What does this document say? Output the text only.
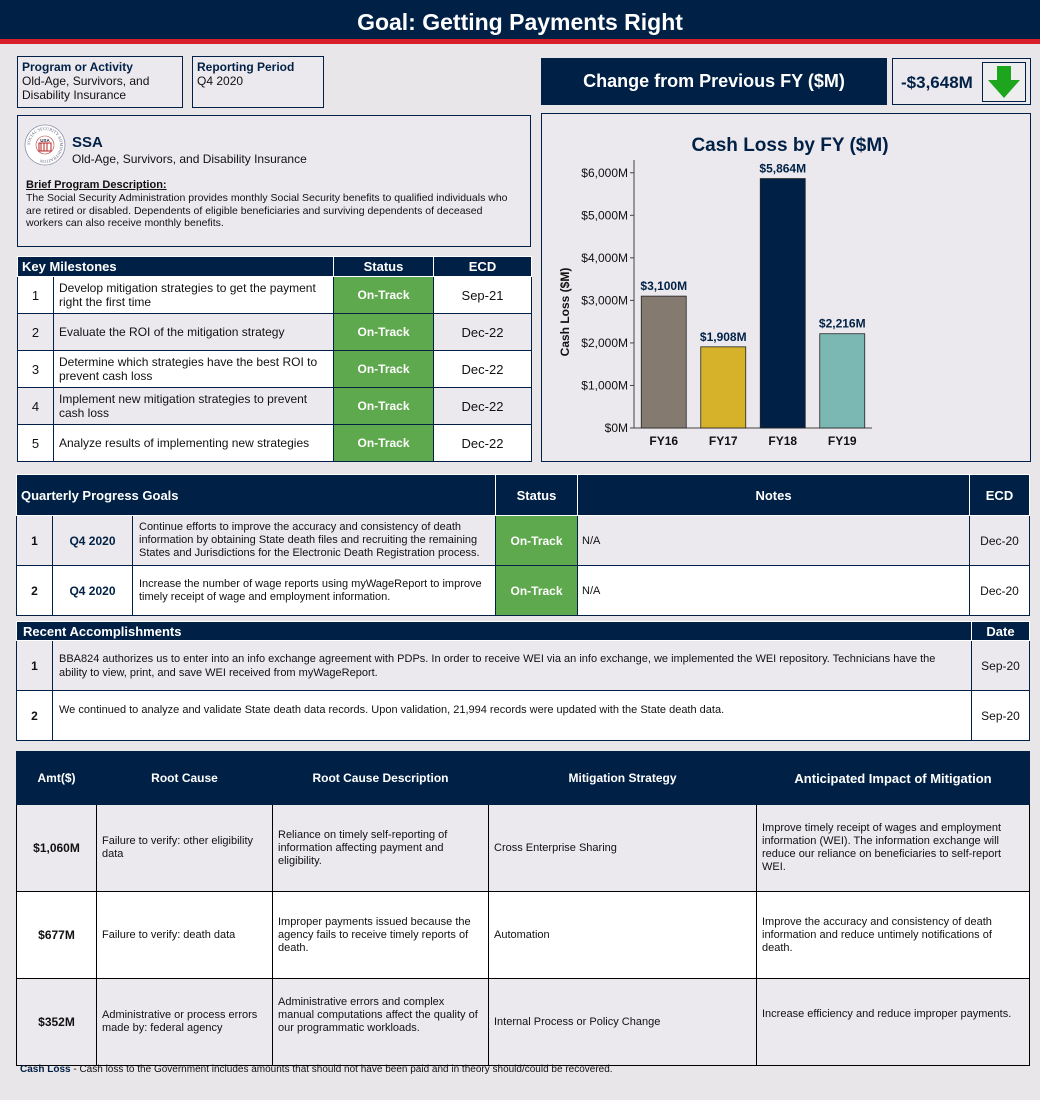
Goal: Getting Payments Right
Program or Activity
Old-Age, Survivors, and Disability Insurance
Reporting Period
Q4 2020	Change from Previous FY ($M)	-$3,648M
SOCIAL SECURITY ADMINISTRATION
USA SSA
Old-Age, Survivors, and Disability Insurance
Brief Program Description:
The Social Security Administration provides monthly Social Security benefits to qualified individuals who are retired or disabled. Dependents of eligible beneficiaries and surviving dependents of deceased workers can also receive monthly benefits.
Key Milestones		Status	ECD
1	Develop mitigation strategies to get the payment right the first time	On-Track	Sep-21
2	Evaluate the ROI of the mitigation strategy	On-Track	Dec-22
3	Determine which strategies have the best ROI to prevent cash loss	On-Track	Dec-22
4	Implement new mitigation strategies to prevent cash loss	On-Track	Dec-22
5	Analyze results of implementing new strategies	On-Track	Dec-22
Cash Loss by FY ($M)
Cash Loss ($M)
$0M
$1,000M
$2,000M
$3,000M
$4,000M
$5,000M
$6,000M
$3,100M
FY16
$1,908M
FY17
$5,864M
FY18
$2,216M
FY19
Quarterly Progress Goals			Status	Notes	ECD
1	Q4 2020	Continue efforts to improve the accuracy and consistency of death information by obtaining State death files and recruiting the remaining States and Jurisdictions for the Electronic Death Registration process.	On-Track	N/A	Dec-20
2	Q4 2020	Increase the number of wage reports using myWageReport to improve timely receipt of wage and employment information.	On-Track	N/A	Dec-20
Recent Accomplishments		Date
1	BBA824 authorizes us to enter into an info exchange agreement with PDPs. In order to receive WEI via an info exchange, we implemented the WEI repository. Technicians have the ability to view, print, and save WEI received from myWageReport.	Sep-20
2	We continued to analyze and validate State death data records. Upon validation, 21,994 records were updated with the State death data.	Sep-20
Amt($)	Root Cause	Root Cause Description	Mitigation Strategy	Anticipated Impact of Mitigation
$1,060M	Failure to verify: other eligibility data	Reliance on timely self-reporting of information affecting payment and eligibility.	Cross Enterprise Sharing	Improve timely receipt of wages and employment information (WEI). The information exchange will reduce our reliance on beneficiaries to self-report WEI.
$677M	Failure to verify: death data	Improper payments issued because the agency fails to receive timely reports of death.	Automation	Improve the accuracy and consistency of death information and reduce untimely notifications of death.
$352M	Administrative or process errors made by: federal agency	Administrative errors and complex manual computations affect the quality of our programmatic workloads.	Internal Process or Policy Change	Increase efficiency and reduce improper payments.
Cash Loss - Cash loss to the Government includes amounts that should not have been paid and in theory should/could be recovered.
